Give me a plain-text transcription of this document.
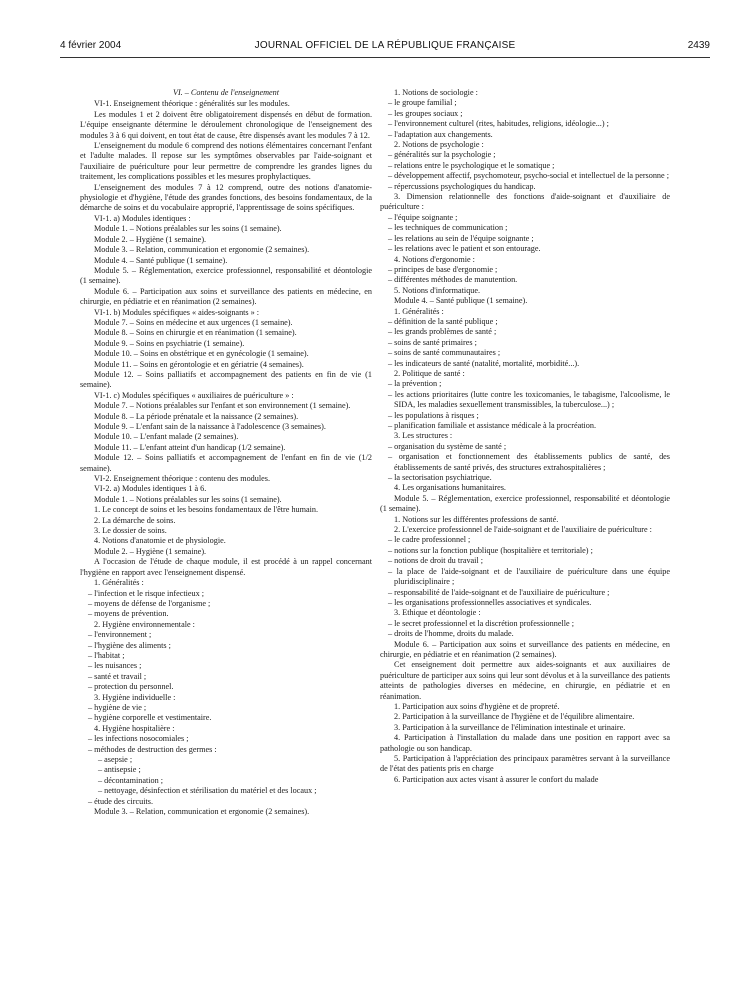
4 février 2004	JOURNAL OFFICIEL DE LA RÉPUBLIQUE FRANÇAISE	2439

VI. – Contenu de l'enseignement

VI-1. Enseignement théorique : généralités sur les modules.

Les modules 1 et 2 doivent être obligatoirement dispensés en début de formation. L'équipe enseignante détermine le déroulement chronologique de l'enseignement des modules 3 à 6 qui doivent, en tout état de cause, être dispensés avant les modules 7 à 12.

L'enseignement du module 6 comprend des notions élémentaires concernant l'enfant et l'adulte malades. Il repose sur les symptômes observables par l'aide-soignant et l'auxiliaire de puériculture pour leur permettre de comprendre les grandes lignes du traitement, les complications possibles et les mesures prophylactiques.

L'enseignement des modules 7 à 12 comprend, outre des notions d'anatomie-physiologie et d'hygiène, l'étude des grandes fonctions, des besoins fondamentaux, de la démarche de soins et du vocabulaire approprié, l'apprentissage de soins spécifiques.

VI-1. a) Modules identiques :

Module 1. – Notions préalables sur les soins (1 semaine).

Module 2. – Hygiène (1 semaine).

Module 3. – Relation, communication et ergonomie (2 semaines).

Module 4. – Santé publique (1 semaine).

Module 5. – Réglementation, exercice professionnel, responsabilité et déontologie (1 semaine).

Module 6. – Participation aux soins et surveillance des patients en médecine, en chirurgie, en pédiatrie et en réanimation (2 semaines).

VI-1. b) Modules spécifiques « aides-soignants » :

Module 7. – Soins en médecine et aux urgences (1 semaine).

Module 8. – Soins en chirurgie et en réanimation (1 semaine).

Module 9. – Soins en psychiatrie (1 semaine).

Module 10. – Soins en obstétrique et en gynécologie (1 semaine).

Module 11. – Soins en gérontologie et en gériatrie (4 semaines).

Module 12. – Soins palliatifs et accompagnement des patients en fin de vie (1 semaine).

VI-1. c) Modules spécifiques « auxiliaires de puériculture » :

Module 7. – Notions préalables sur l'enfant et son environnement (1 semaine).

Module 8. – La période prénatale et la naissance (2 semaines).

Module 9. – L'enfant sain de la naissance à l'adolescence (3 semaines).

Module 10. – L'enfant malade (2 semaines).

Module 11. – L'enfant atteint d'un handicap (1/2 semaine).

Module 12. – Soins palliatifs et accompagnement de l'enfant en fin de vie (1/2 semaine).

VI-2. Enseignement théorique : contenu des modules.

VI-2. a) Modules identiques 1 à 6.

Module 1. – Notions préalables sur les soins (1 semaine).

1. Le concept de soins et les besoins fondamentaux de l'être humain.

2. La démarche de soins.

3. Le dossier de soins.

4. Notions d'anatomie et de physiologie.

Module 2. – Hygiène (1 semaine).

A l'occasion de l'étude de chaque module, il est procédé à un rappel concernant l'hygiène en rapport avec l'enseignement dispensé.

1. Généralités :

– l'infection et le risque infectieux ;

– moyens de défense de l'organisme ;

– moyens de prévention.

2. Hygiène environnementale :

– l'environnement ;

– l'hygiène des aliments ;

– l'habitat ;

– les nuisances ;

– santé et travail ;

– protection du personnel.

3. Hygiène individuelle :

– hygiène de vie ;

– hygiène corporelle et vestimentaire.

4. Hygiène hospitalière :

– les infections nosocomiales ;

– méthodes de destruction des germes :

– asepsie ;

– antisepsie ;

– décontamination ;

– nettoyage, désinfection et stérilisation du matériel et des locaux ;

– étude des circuits.

Module 3. – Relation, communication et ergonomie (2 semaines).

1. Notions de sociologie :

– le groupe familial ;

– les groupes sociaux ;

– l'environnement culturel (rites, habitudes, religions, idéologie...) ;

– l'adaptation aux changements.

2. Notions de psychologie :

– généralités sur la psychologie ;

– relations entre le psychologique et le somatique ;

– développement affectif, psychomoteur, psycho-social et intellectuel de la personne ;

– répercussions psychologiques du handicap.

3. Dimension relationnelle des fonctions d'aide-soignant et d'auxiliaire de puériculture :

– l'équipe soignante ;

– les techniques de communication ;

– les relations au sein de l'équipe soignante ;

– les relations avec le patient et son entourage.

4. Notions d'ergonomie :

– principes de base d'ergonomie ;

– différentes méthodes de manutention.

5. Notions d'informatique.

Module 4. – Santé publique (1 semaine).

1. Généralités :

– définition de la santé publique ;

– les grands problèmes de santé ;

– soins de santé primaires ;

– soins de santé communautaires ;

– les indicateurs de santé (natalité, mortalité, morbidité...).

2. Politique de santé :

– la prévention ;

– les actions prioritaires (lutte contre les toxicomanies, le tabagisme, l'alcoolisme, le SIDA, les maladies sexuellement transmissibles, la tuberculose...) ;

– les populations à risques ;

– planification familiale et assistance médicale à la procréation.

3. Les structures :

– organisation du système de santé ;

– organisation et fonctionnement des établissements publics de santé, des établissements de santé privés, des structures extrahospitalières ;

– la sectorisation psychiatrique.

4. Les organisations humanitaires.

Module 5. – Réglementation, exercice professionnel, responsabilité et déontologie (1 semaine).

1. Notions sur les différentes professions de santé.

2. L'exercice professionnel de l'aide-soignant et de l'auxiliaire de puériculture :

– le cadre professionnel ;

– notions sur la fonction publique (hospitalière et territoriale) ;

– notions de droit du travail ;

– la place de l'aide-soignant et de l'auxiliaire de puériculture dans une équipe pluridisciplinaire ;

– responsabilité de l'aide-soignant et de l'auxiliaire de puériculture ;

– les organisations professionnelles associatives et syndicales.

3. Ethique et déontologie :

– le secret professionnel et la discrétion professionnelle ;

– droits de l'homme, droits du malade.

Module 6. – Participation aux soins et surveillance des patients en médecine, en chirurgie, en pédiatrie et en réanimation (2 semaines).

Cet enseignement doit permettre aux aides-soignants et aux auxiliaires de puériculture de participer aux soins qui leur sont dévolus et à la surveillance des patients atteints de pathologies diverses en médecine, en chirurgie, en pédiatrie et en réanimation.

1. Participation aux soins d'hygiène et de propreté.

2. Participation à la surveillance de l'hygiène et de l'équilibre alimentaire.

3. Participation à la surveillance de l'élimination intestinale et urinaire.

4. Participation à l'installation du malade dans une position en rapport avec sa pathologie ou son handicap.

5. Participation à l'appréciation des principaux paramètres servant à la surveillance de l'état des patients pris en charge

6. Participation aux actes visant à assurer le confort du malade
